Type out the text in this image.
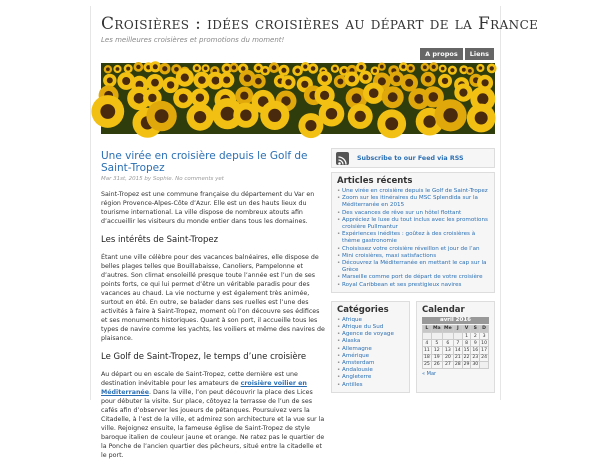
Croisières : idées croisières au départ de la France
Les meilleures croisières et promotions du moment!
A propos	Liens
Une virée en croisière depuis le Golf de Saint-Tropez
Mar 31st, 2015 by Sophie. No comments yet

Saint-Tropez est une commune française du département du Var en région Provence-Alpes-Côte d’Azur. Elle est un des hauts lieux du tourisme international. La ville dispose de nombreux atouts afin d’accueillir les visiteurs du monde entier dans tous les domaines.

Les intérêts de Saint-Tropez

Étant une ville célèbre pour des vacances balnéaires, elle dispose de belles plages telles que Bouillabaisse, Canoliers, Pampelonne et d’autres. Son climat ensoleillé presque toute l’année est l’un de ses points forts, ce qui lui permet d’être un véritable paradis pour des vacances au chaud. La vie nocturne y est également très animée, surtout en été. En outre, se balader dans ses ruelles est l’une des activités à faire à Saint-Tropez, moment où l’on découvre ses édifices et ses monuments historiques. Quant à son port, il accueille tous les types de navire comme les yachts, les voiliers et même des navires de plaisance.

Le Golf de Saint-Tropez, le temps d’une croisière

Au départ ou en escale de Saint-Tropez, cette dernière est une destination inévitable pour les amateurs de croisière voilier en Méditerranée. Dans la ville, l’on peut découvrir la place des Lices pour débuter la visite. Sur place, côtoyez la terrasse de l’un de ses cafés afin d’observer les joueurs de pétanques. Poursuivez vers la Citadelle, à l’est de la ville, et admirez son architecture et la vue sur la ville. Rejoignez ensuite, la fameuse église de Saint-Tropez de style baroque italien de couleur jaune et orange. Ne ratez pas le quartier de la Ponche de l’ancien quartier des pêcheurs, situé entre la citadelle et le port.

Subscribe to our Feed via RSS
Articles récents
• Une virée en croisière depuis le Golf de Saint-Tropez
• Zoom sur les itinéraires du MSC Splendida sur la Méditerranée en 2015
• Des vacances de rêve sur un hôtel flottant
• Appréciez le luxe du tout inclus avec les promotions croisière Pullmantur
• Expériences inédites : goûtez à des croisières à thème gastronomie
• Choisissez votre croisière réveillon et jour de l’an
• Mini croisières, maxi satisfactions
• Découvrez la Méditerranée en mettant le cap sur la Grèce
• Marseille comme port de départ de votre croisière
• Royal Caribbean et ses prestigieux navires
Catégories
• Afrique
• Afrique du Sud
• Agence de voyage
• Alaska
• Allemagne
• Amérique
• Amsterdam
• Andalousie
• Angleterre
• Antilles
Calendar
avril 2016
L	Ma	Me	J	V	S	D
				1	2	3
4	5	6	7	8	9	10
11	12	13	14	15	16	17
18	19	20	21	22	23	24
25	26	27	28	29	30	
« Mar
